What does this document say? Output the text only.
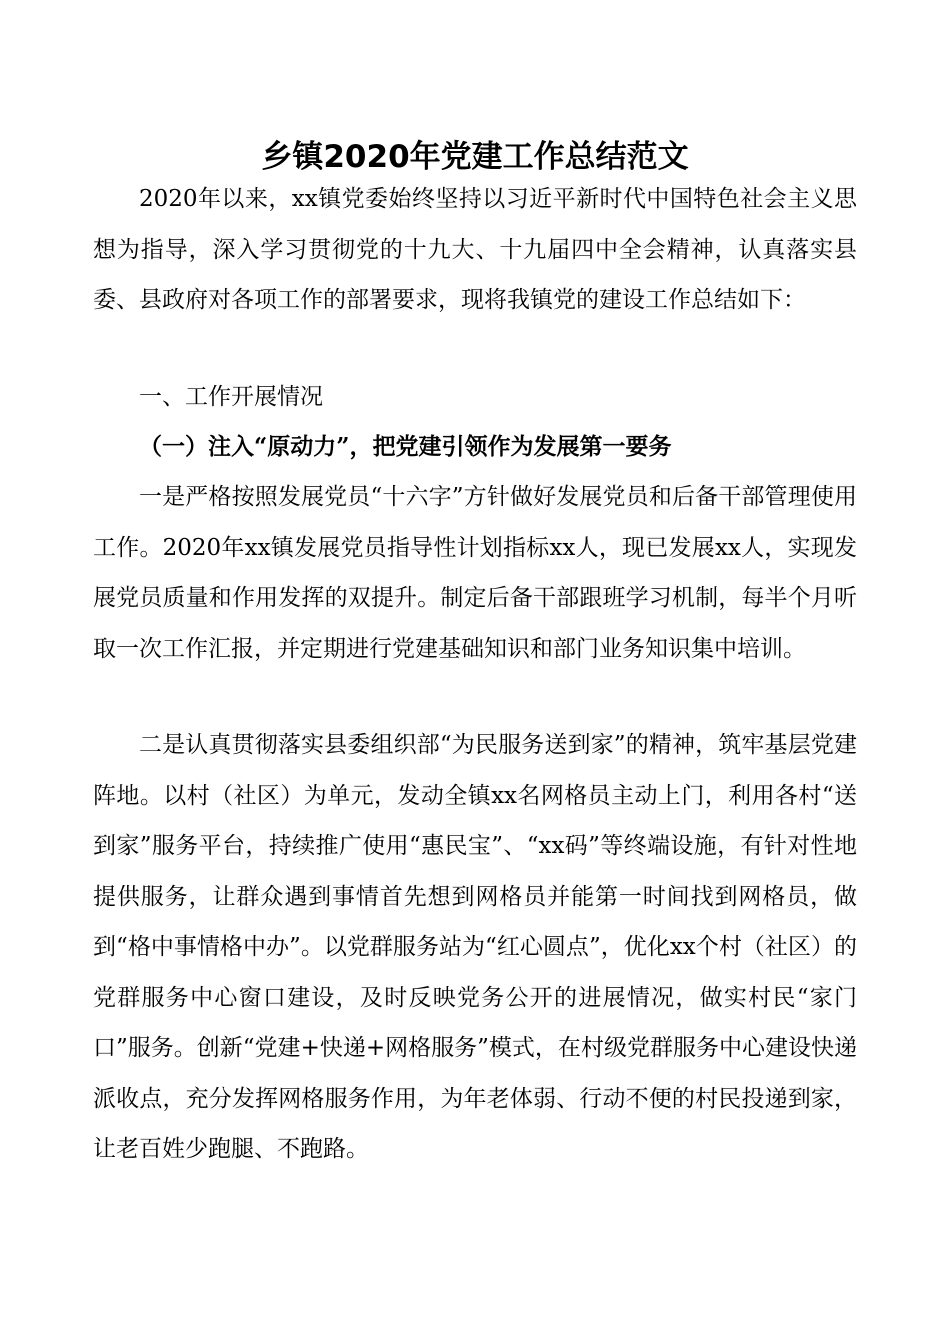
乡镇2020年党建工作总结范文

2020年以来，xx镇党委始终坚持以习近平新时代中国特色社会主义思想为指导，深入学习贯彻党的十九大、十九届四中全会精神，认真落实县委、县政府对各项工作的部署要求，现将我镇党的建设工作总结如下：

一、工作开展情况

（一）注入“原动力”，把党建引领作为发展第一要务

一是严格按照发展党员“十六字”方针做好发展党员和后备干部管理使用工作。2020年xx镇发展党员指导性计划指标xx人，现已发展xx人，实现发展党员质量和作用发挥的双提升。制定后备干部跟班学习机制，每半个月听取一次工作汇报，并定期进行党建基础知识和部门业务知识集中培训。

二是认真贯彻落实县委组织部“为民服务送到家”的精神，筑牢基层党建阵地。以村（社区）为单元，发动全镇xx名网格员主动上门，利用各村“送到家”服务平台，持续推广使用“惠民宝”、“xx码”等终端设施，有针对性地提供服务，让群众遇到事情首先想到网格员并能第一时间找到网格员，做到“格中事情格中办”。以党群服务站为“红心圆点”，优化xx个村（社区）的党群服务中心窗口建设，及时反映党务公开的进展情况，做实村民“家门口”服务。创新“党建+快递+网格服务”模式，在村级党群服务中心建设快递派收点，充分发挥网格服务作用，为年老体弱、行动不便的村民投递到家，让老百姓少跑腿、不跑路。
